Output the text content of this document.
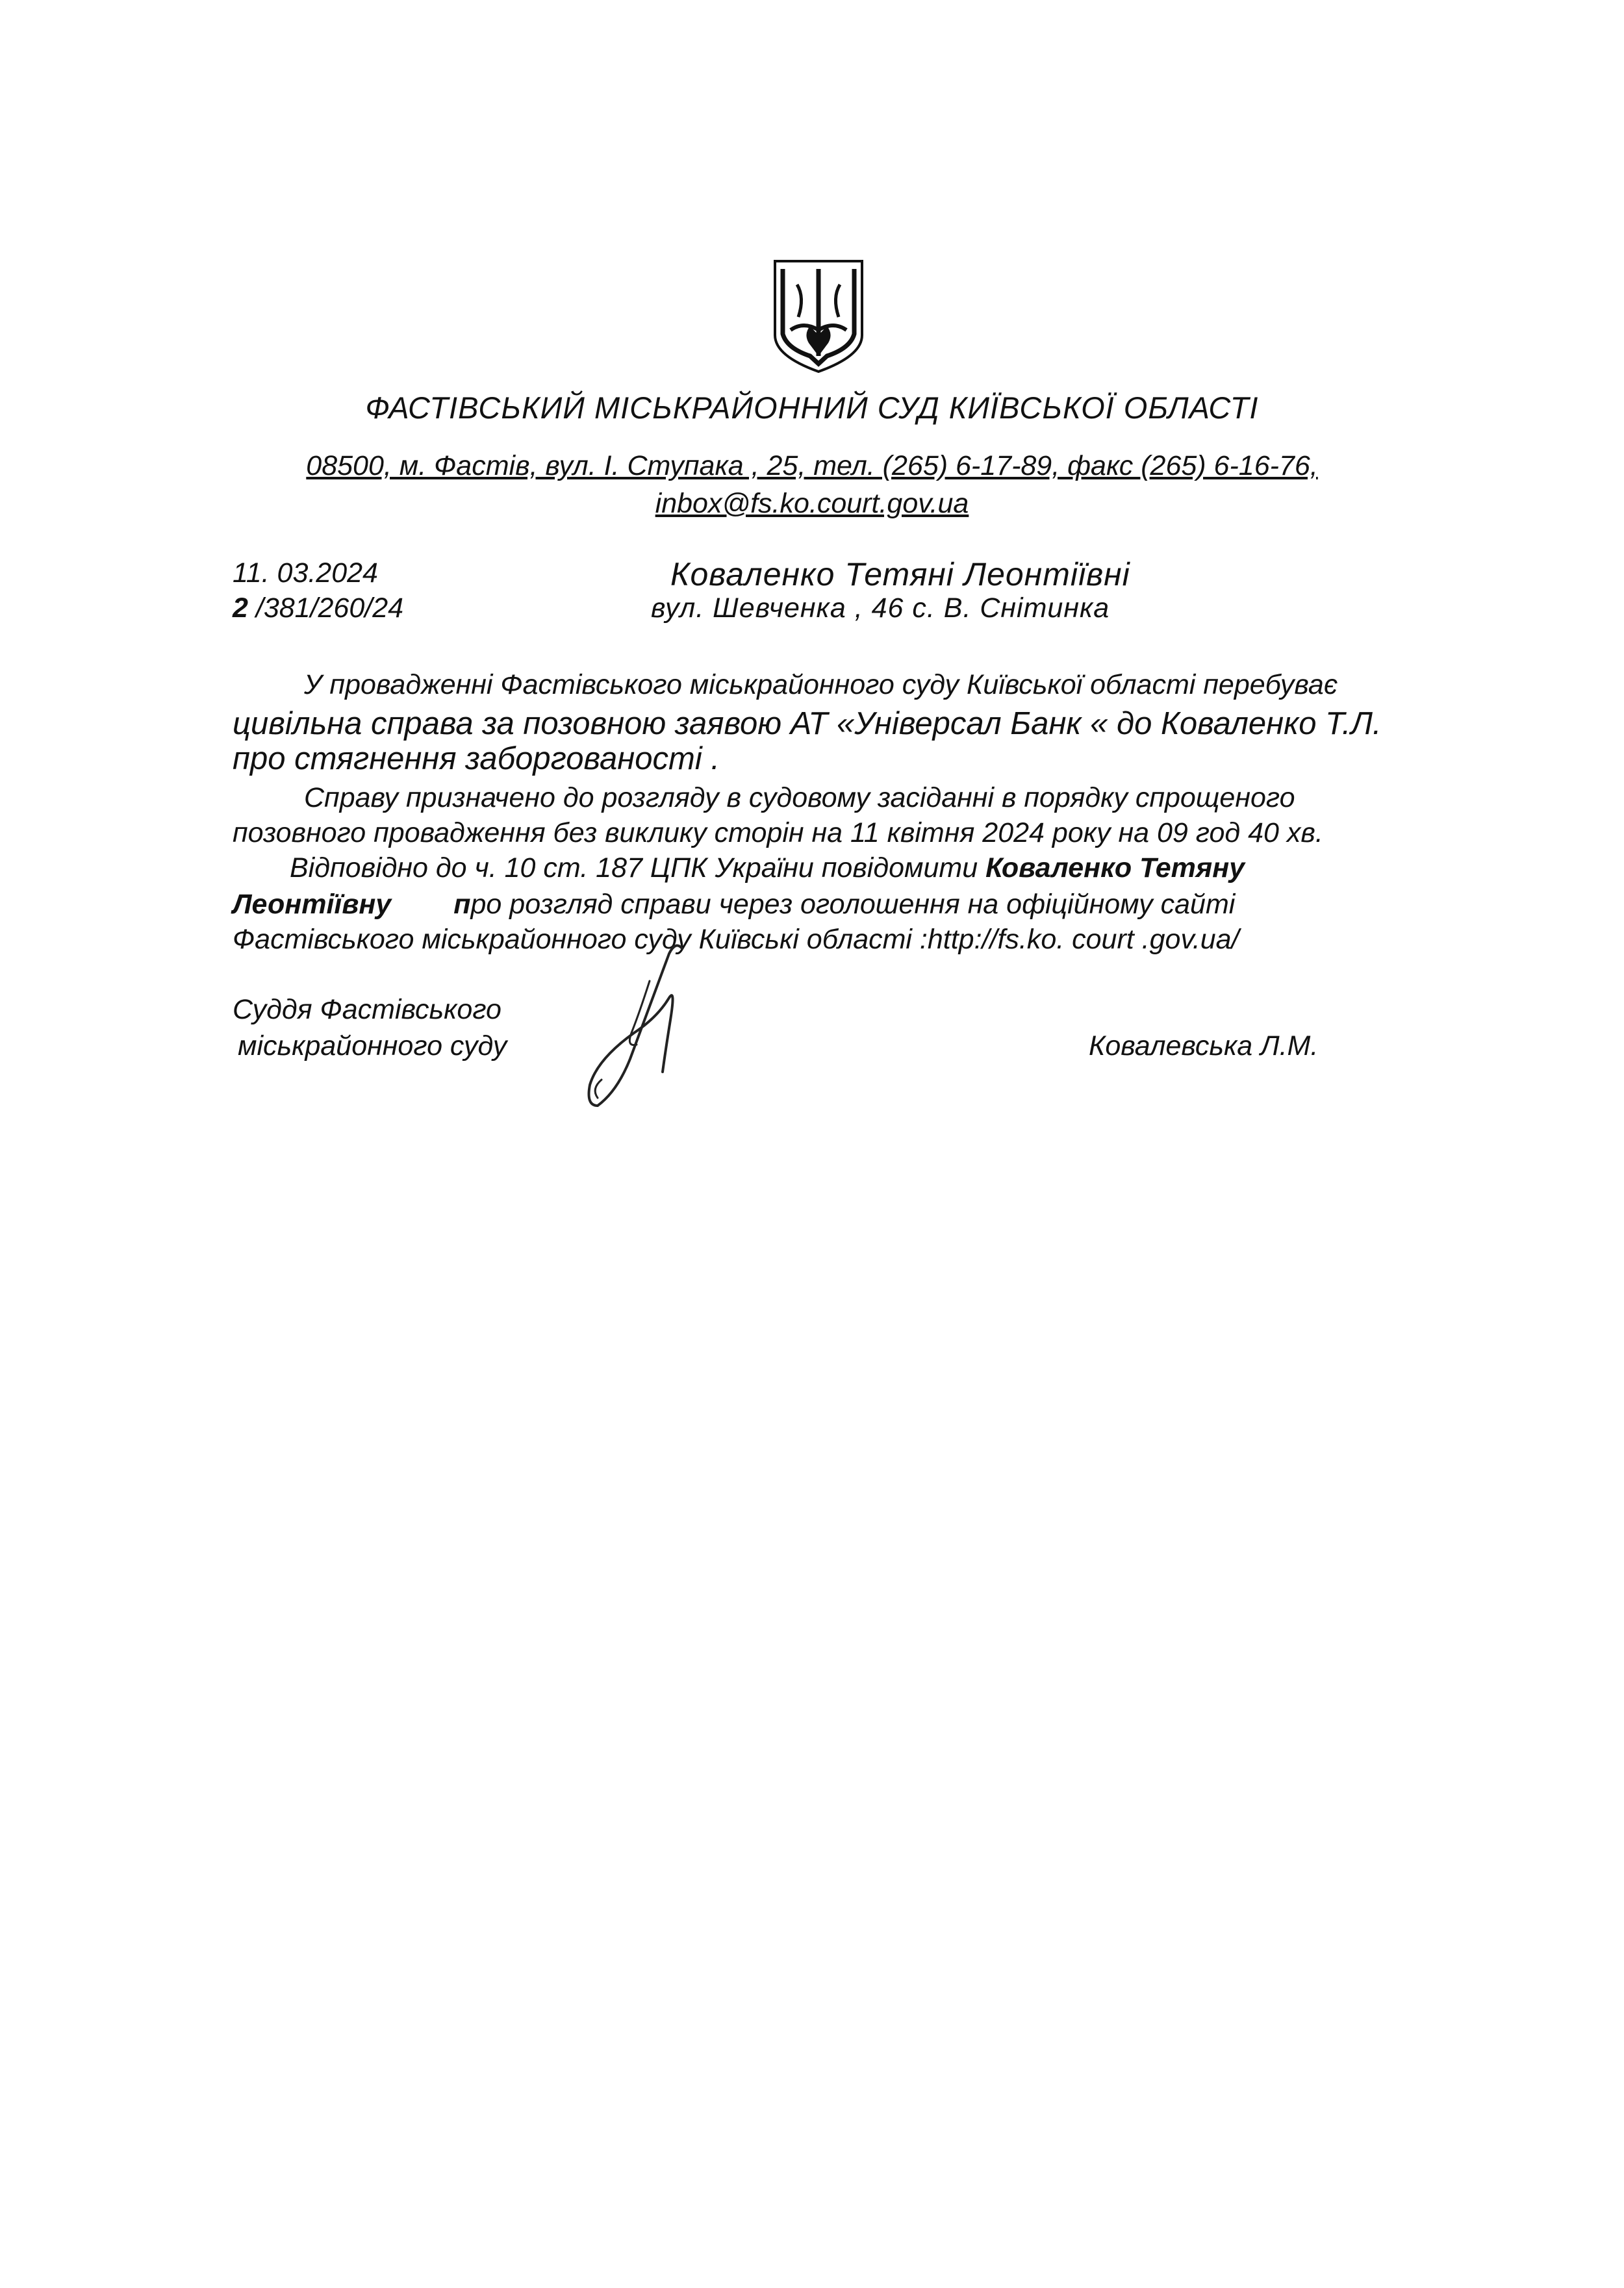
ФАСТІВСЬКИЙ МІСЬКРАЙОННИЙ СУД КИЇВСЬКОЇ ОБЛАСТІ
08500, м. Фастів, вул. І. Ступака , 25, тел. (265) 6-17-89, факс (265) 6-16-76,
inbox@fs.ko.court.gov.ua
11. 03.2024
2 /381/260/24
Коваленко Тетяні Леонтіївні
вул. Шевченка , 46 с. В. Снітинка
У провадженні Фастівського міськрайонного суду Київської області перебуває
цивільна справа за позовною заявою АТ «Універсал Банк « до Коваленко Т.Л.
про стягнення заборгованості .
Справу призначено до розгляду в судовому засіданні в порядку спрощеного
позовного провадження без виклику сторін на 11 квітня 2024 року на 09 год 40 хв.
Відповідно до ч. 10 ст. 187 ЦПК України повідомити Коваленко Тетяну
Леонтіївну про розгляд справи через оголошення на офіційному сайті
Фастівського міськрайонного суду Київські області :http://fs.ko. court .gov.ua/
Суддя Фастівського
міськрайонного суду	Ковалевська Л.М.
